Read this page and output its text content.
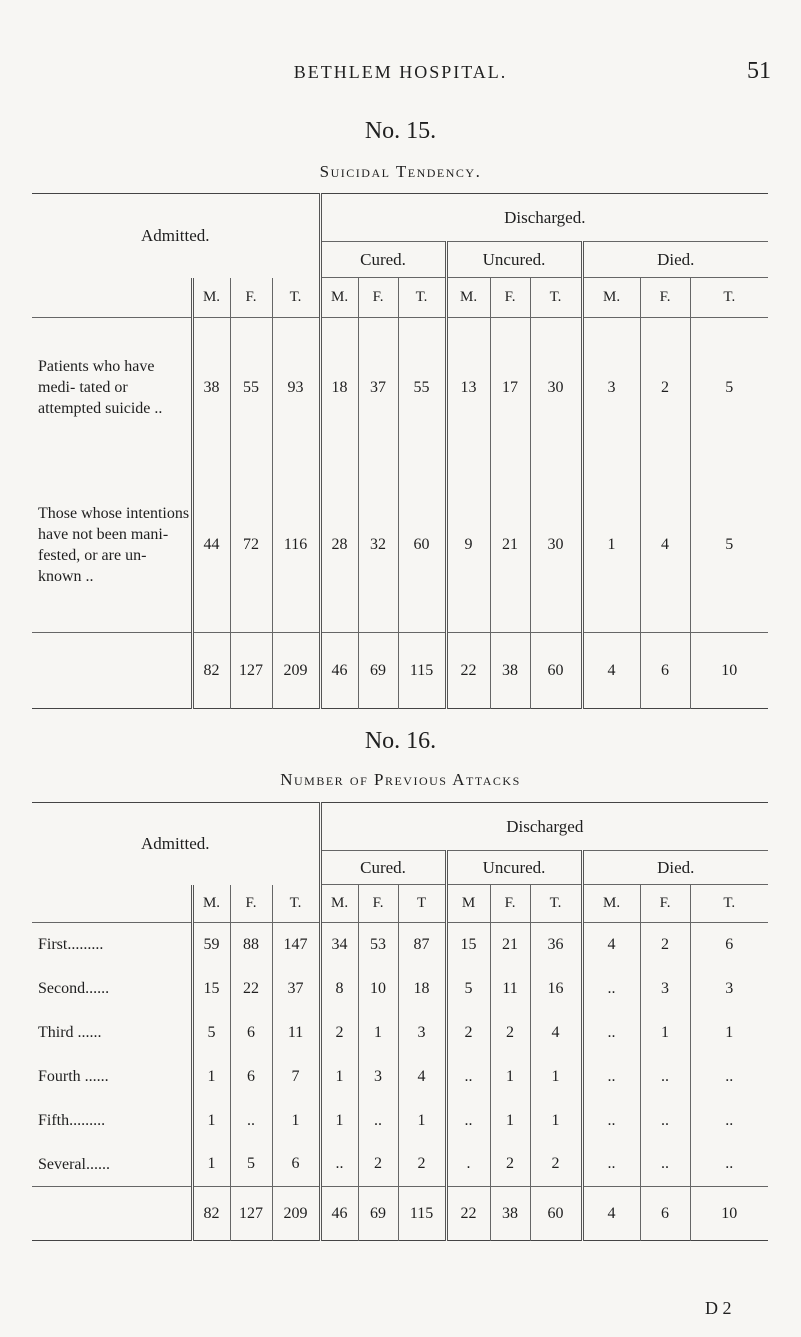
BETHLEM HOSPITAL.	51
No. 15.
Suicidal Tendency.
Admitted.				Discharged.								
				Cured.			Uncured.			Died.		
	M.	F.	T.	M.	F.	T.	M.	F.	T.	M.	F.	T.
Patients who have medi- tated or attempted suicide ..	38	55	93	18	37	55	13	17	30	3	2	5
Those whose intentions have not been mani- fested, or are un- known ..	44	72	116	28	32	60	9	21	30	1	4	5
	82	127	209	46	69	115	22	38	60	4	6	10
No. 16.
Number of Previous Attacks
Admitted.				Discharged								
				Cured.			Uncured.			Died.		
	M.	F.	T.	M.	F.	T	M	F.	T.	M.	F.	T.
First.........	59	88	147	34	53	87	15	21	36	4	2	6
Second......	15	22	37	8	10	18	5	11	16	..	3	3
Third ......	5	6	11	2	1	3	2	2	4	..	1	1
Fourth ......	1	6	7	1	3	4	..	1	1	..	..	..
Fifth.........	1	..	1	1	..	1	..	1	1	..	..	..
Several......	1	5	6	..	2	2	.	2	2	..	..	..
	82	127	209	46	69	115	22	38	60	4	6	10
D 2
